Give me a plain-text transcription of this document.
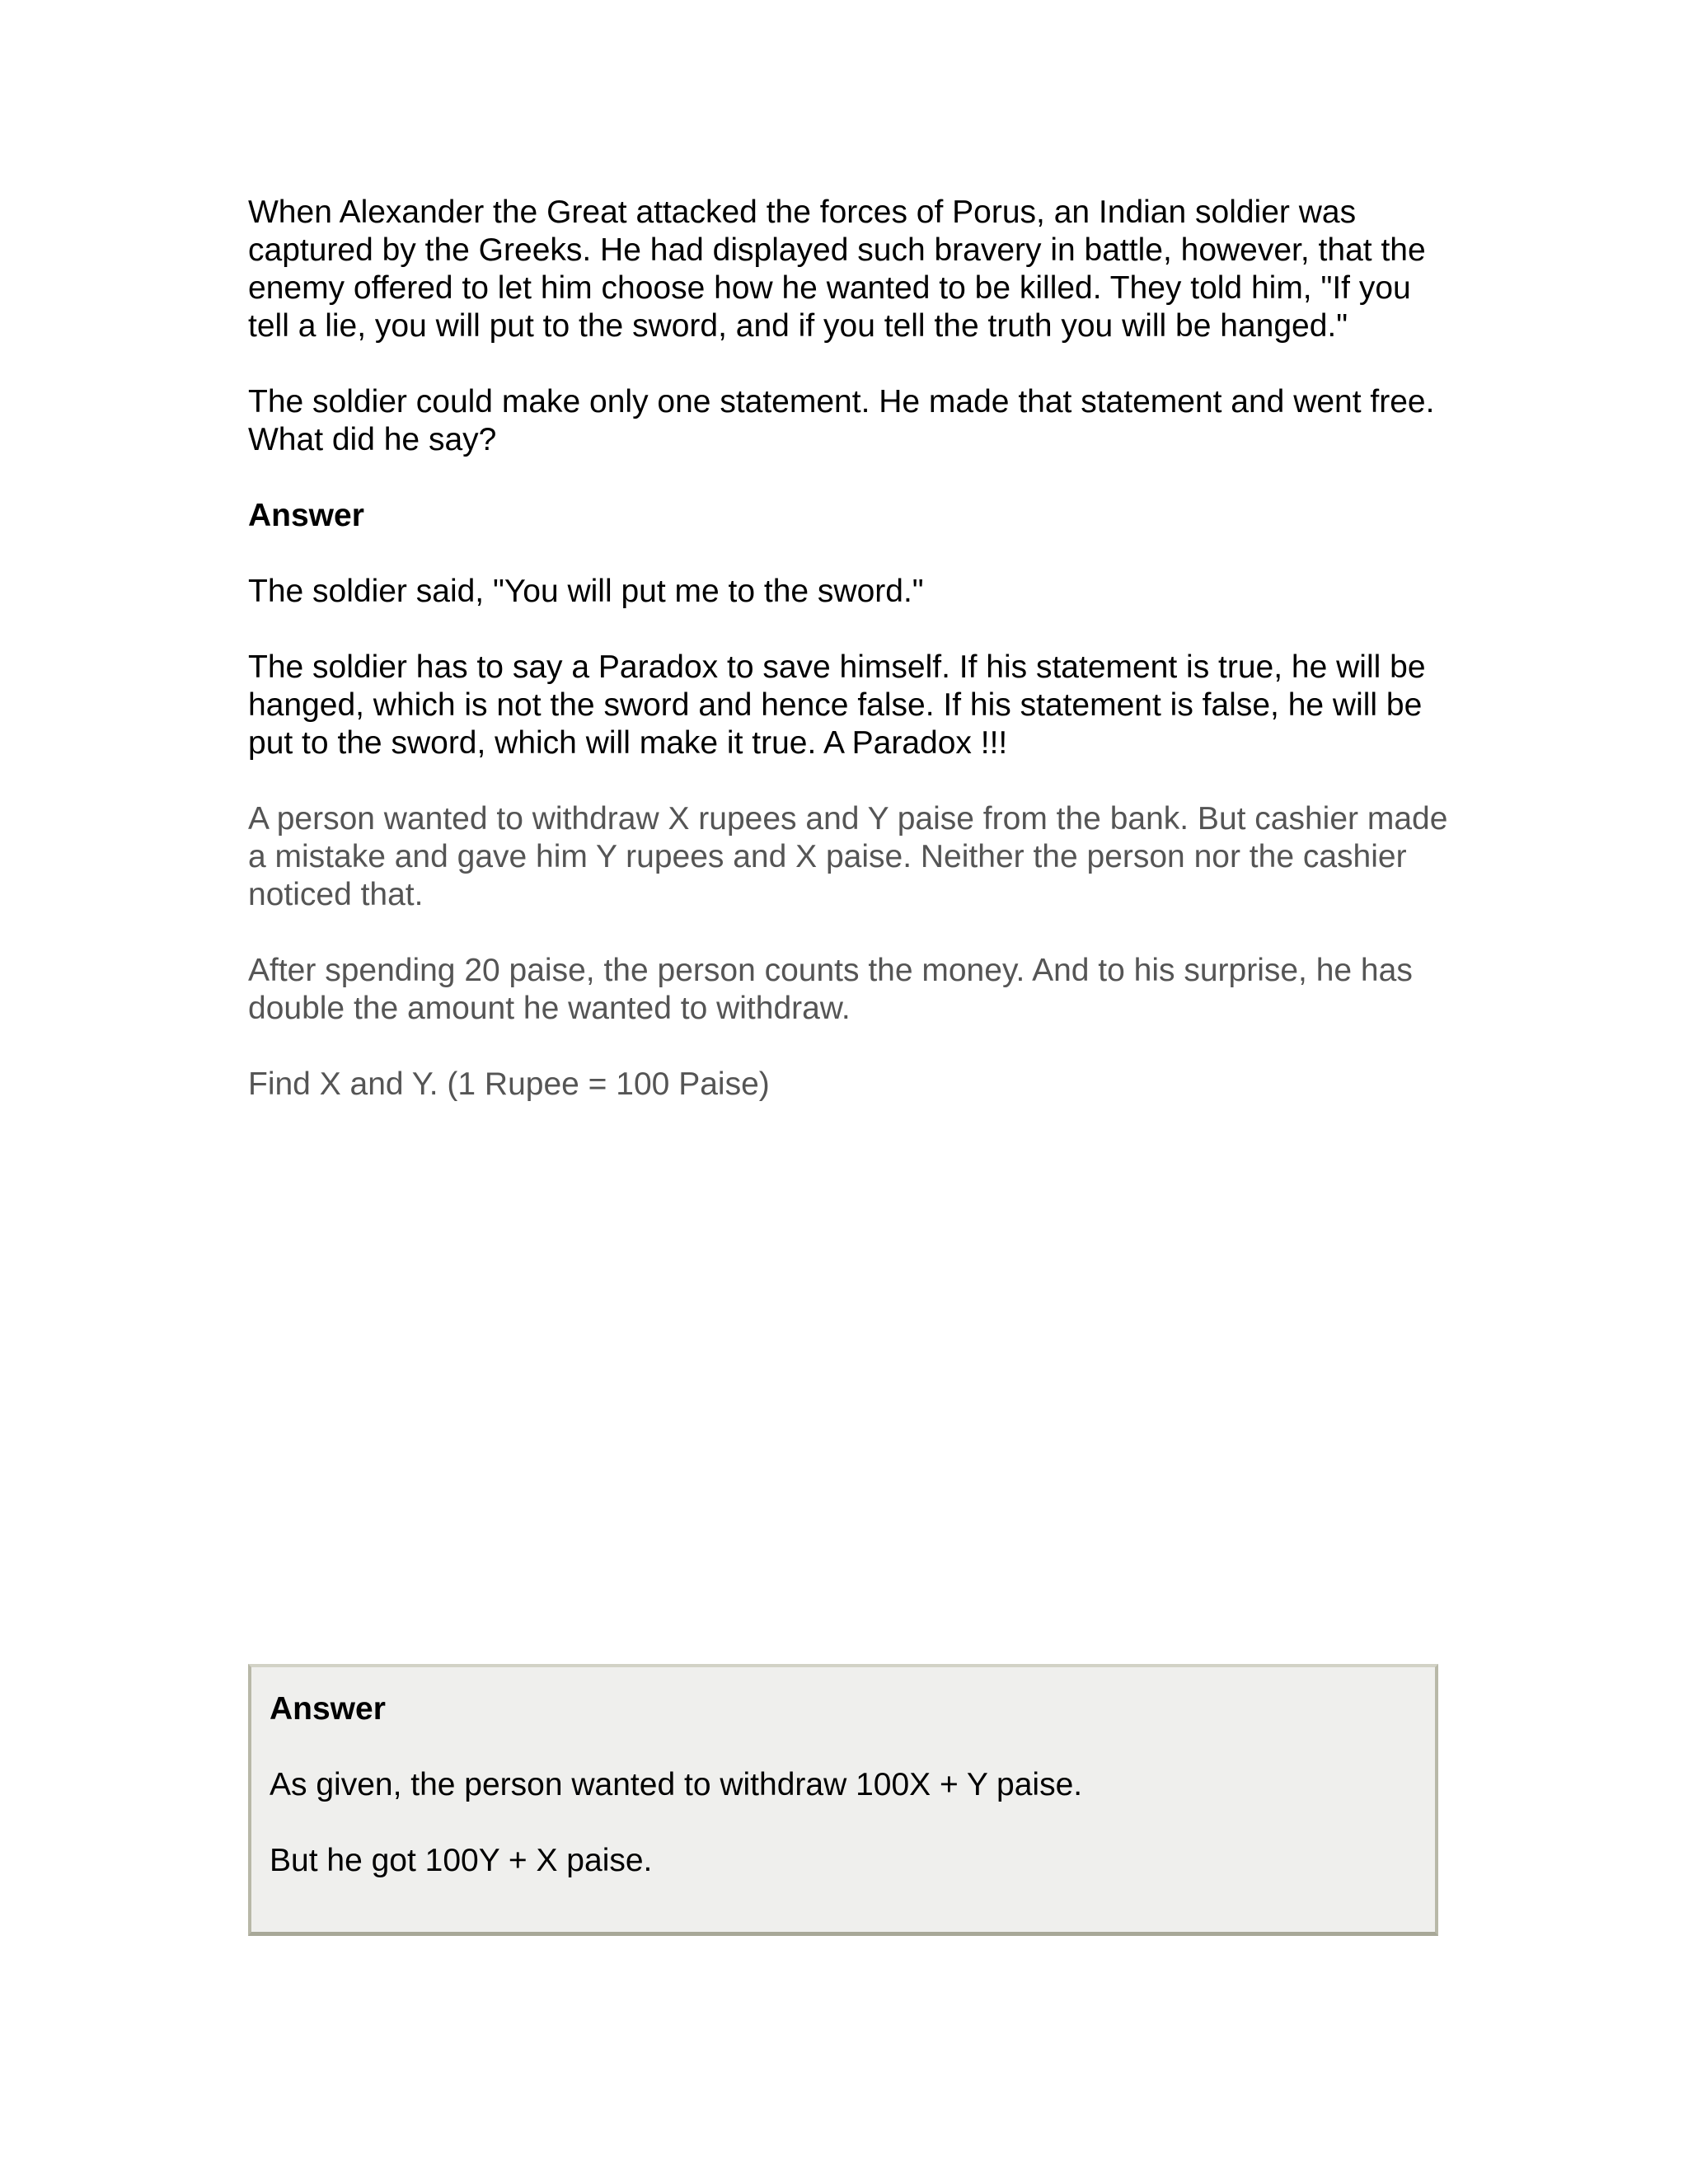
When Alexander the Great attacked the forces of Porus, an Indian soldier was captured by the Greeks. He had displayed such bravery in battle, however, that the enemy offered to let him choose how he wanted to be killed. They told him, "If you tell a lie, you will put to the sword, and if you tell the truth you will be hanged."

The soldier could make only one statement. He made that statement and went free. What did he say?

Answer

The soldier said, "You will put me to the sword."

The soldier has to say a Paradox to save himself. If his statement is true, he will be hanged, which is not the sword and hence false. If his statement is false, he will be put to the sword, which will make it true. A Paradox !!!

A person wanted to withdraw X rupees and Y paise from the bank. But cashier made a mistake and gave him Y rupees and X paise. Neither the person nor the cashier noticed that.

After spending 20 paise, the person counts the money. And to his surprise, he has double the amount he wanted to withdraw.

Find X and Y. (1 Rupee = 100 Paise)

Answer

As given, the person wanted to withdraw 100X + Y paise.

But he got 100Y + X paise.
